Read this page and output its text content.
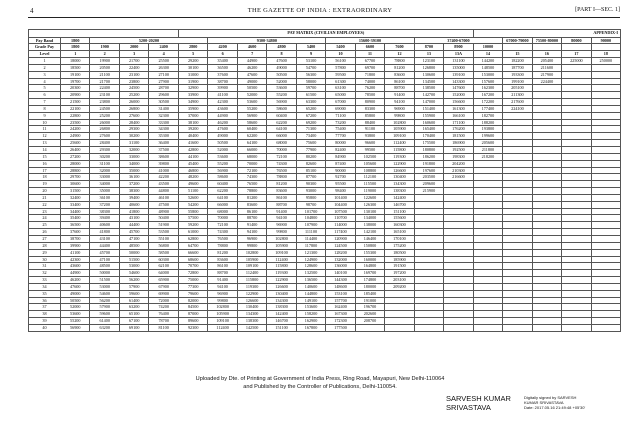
4	THE GAZETTE OF INDIA : EXTRAORDINARY	[PART I—SEC. 1]
					PAY MATRIX (CIVILIAN EMPLOYEES)										APPENDIX-I				
Pay Band	1800	5200-20200				9300-34800				15600-39100			37400-67000			67000-79000	75500-80000	80000	90000
Grade Pay	1800	1900	2000	2400	2800	4200	4600	4800	5400	5400	6600	7600	8700	8900	10000				
Level	1	2	3	4	5	6	7	8	9	10	11	12	13	13A	14	15	16	17	18
1	18000	19900	21700	25500	29200	35400	44900	47600	53100	56100	67700	78800	123100	131100	144200	182200	205400	225000	250000
2	18500	20500	22400	26300	30100	36500	46200	49000	54700	57800	69700	81200	126800	135000	148500	187700	211600		
3	19100	21100	23100	27100	31000	37600	47600	50500	56300	59500	71800	83600	130600	139100	153000	193300	217900		
4	19700	21700	23800	27900	31900	38700	49000	52000	58000	61300	74000	86100	134500	143300	157600	199100	224400		
5	20300	22400	24500	28700	32900	39900	50500	53600	59700	63100	76200	88700	138500	147600	162300	205100			
6	20900	23100	25200	29600	33900	41100	52000	55200	61500	65000	78500	91400	142700	152000	167200	211300			
7	21500	23800	26000	30500	34900	42300	53600	56900	63300	67000	80900	94100	147000	156600	172200	217600			
8	22100	24500	26800	31400	35900	43600	55200	58600	65200	69000	83300	96900	151400	161300	177400	224100			
9	22800	25200	27600	32300	37000	44900	56900	60400	67200	71100	85800	99800	155900	166100	182700				
10	23500	26000	28400	33300	38100	46200	58600	62200	69200	73200	88400	102800	160600	171100	188200				
11	24200	26800	29300	34300	39200	47600	60400	64100	71300	75400	91100	105900	165400	176200	193800				
12	24900	27600	30200	35300	40400	49000	62200	66000	73400	77700	93800	109100	170400	181500	199600				
13	25600	28400	31100	36400	41600	50500	64100	68000	75600	80000	96600	112400	175500	186900	205600				
14	26400	29300	32000	37500	42800	52000	66000	70000	77900	82400	99500	115800	180800	192500	211800				
15	27200	30200	33000	38600	44100	53600	68000	72100	80200	84900	102500	119300	186200	198300	218200				
16	28000	31100	34000	39800	45400	55200	70000	74300	82600	87400	105600	122900	191800	204200					
17	28800	32000	35000	41000	46800	56900	72100	76500	85100	90000	108800	126600	197600	210300					
18	29700	33000	36100	42200	48200	58600	74300	78800	87700	92700	112100	130400	203500	216600					
19	30600	34000	37200	43500	49600	60400	76500	81200	90300	95500	115500	134300	209600						
20	31500	35000	38300	44800	51100	62200	78800	83600	93000	98400	119000	138300	215900						
21	32400	36100	39400	46100	52600	64100	81200	86100	95800	101400	122600	142400							
22	33400	37200	40600	47500	54200	66000	83600	88700	98700	104400	126300	146700							
23	34400	38300	41800	48900	55800	68000	86100	91400	101700	107500	130100	151100							
24	35400	39400	43100	50400	57500	70000	88700	94100	104800	110700	134000	155600							
25	36500	40600	44400	51900	59200	72100	91400	96900	107900	114000	138000	160300							
26	37600	41800	45700	53500	61000	74300	94100	99800	111100	117400	142100	165100							
27	38700	43100	47100	55100	62800	76500	96900	102800	114400	120900	146400	170100							
28	39900	44400	48500	56800	64700	78800	99800	105900	117800	124500	150800	175200							
29	41100	45700	50000	58500	66600	81200	102800	109100	121300	128200	155300	180500							
30	42300	47100	51500	60300	68600	83600	105900	112400	124900	132000	160000	185900							
31	43600	48500	53000	62100	70700	86100	109100	115800	128600	136000	164800	191500							
32	44900	50000	54600	64000	72800	88700	112400	119300	132500	140100	169700	197200							
33	46200	51500	56200	65900	75000	91400	115800	122900	136500	144300	174800	203100							
34	47600	53000	57900	67900	77300	94100	119300	126600	140600	148600	180000	209200							
35	49000	54600	59600	69900	79600	96900	122900	130400	144800	153100	185400								
36	50500	56200	61400	72000	82000	99800	126600	134300	149100	157700	191000								
37	52000	57900	63200	74200	84500	102800	130400	138300	153600	162400	196700								
38	53600	59600	65100	76400	87000	105900	134300	142400	158200	167300	202600								
39	55200	61400	67100	78700	89600	109100	138300	146700	162900	172300	208700								
40	56900	63200	69100	81100	92300	112400	142500	151100	167800	177500									
Uploaded by Dte. of Printing at Government of India Press, Ring Road, Mayapuri, New Delhi-110064
and Published by the Controller of Publications, Delhi-110054.
SARVESH KUMAR
SRIVASTAVA
Digitally signed by SARVESH
KUMAR SRIVASTAVA
Date: 2017.05.16 21:49:48 +05'30'
